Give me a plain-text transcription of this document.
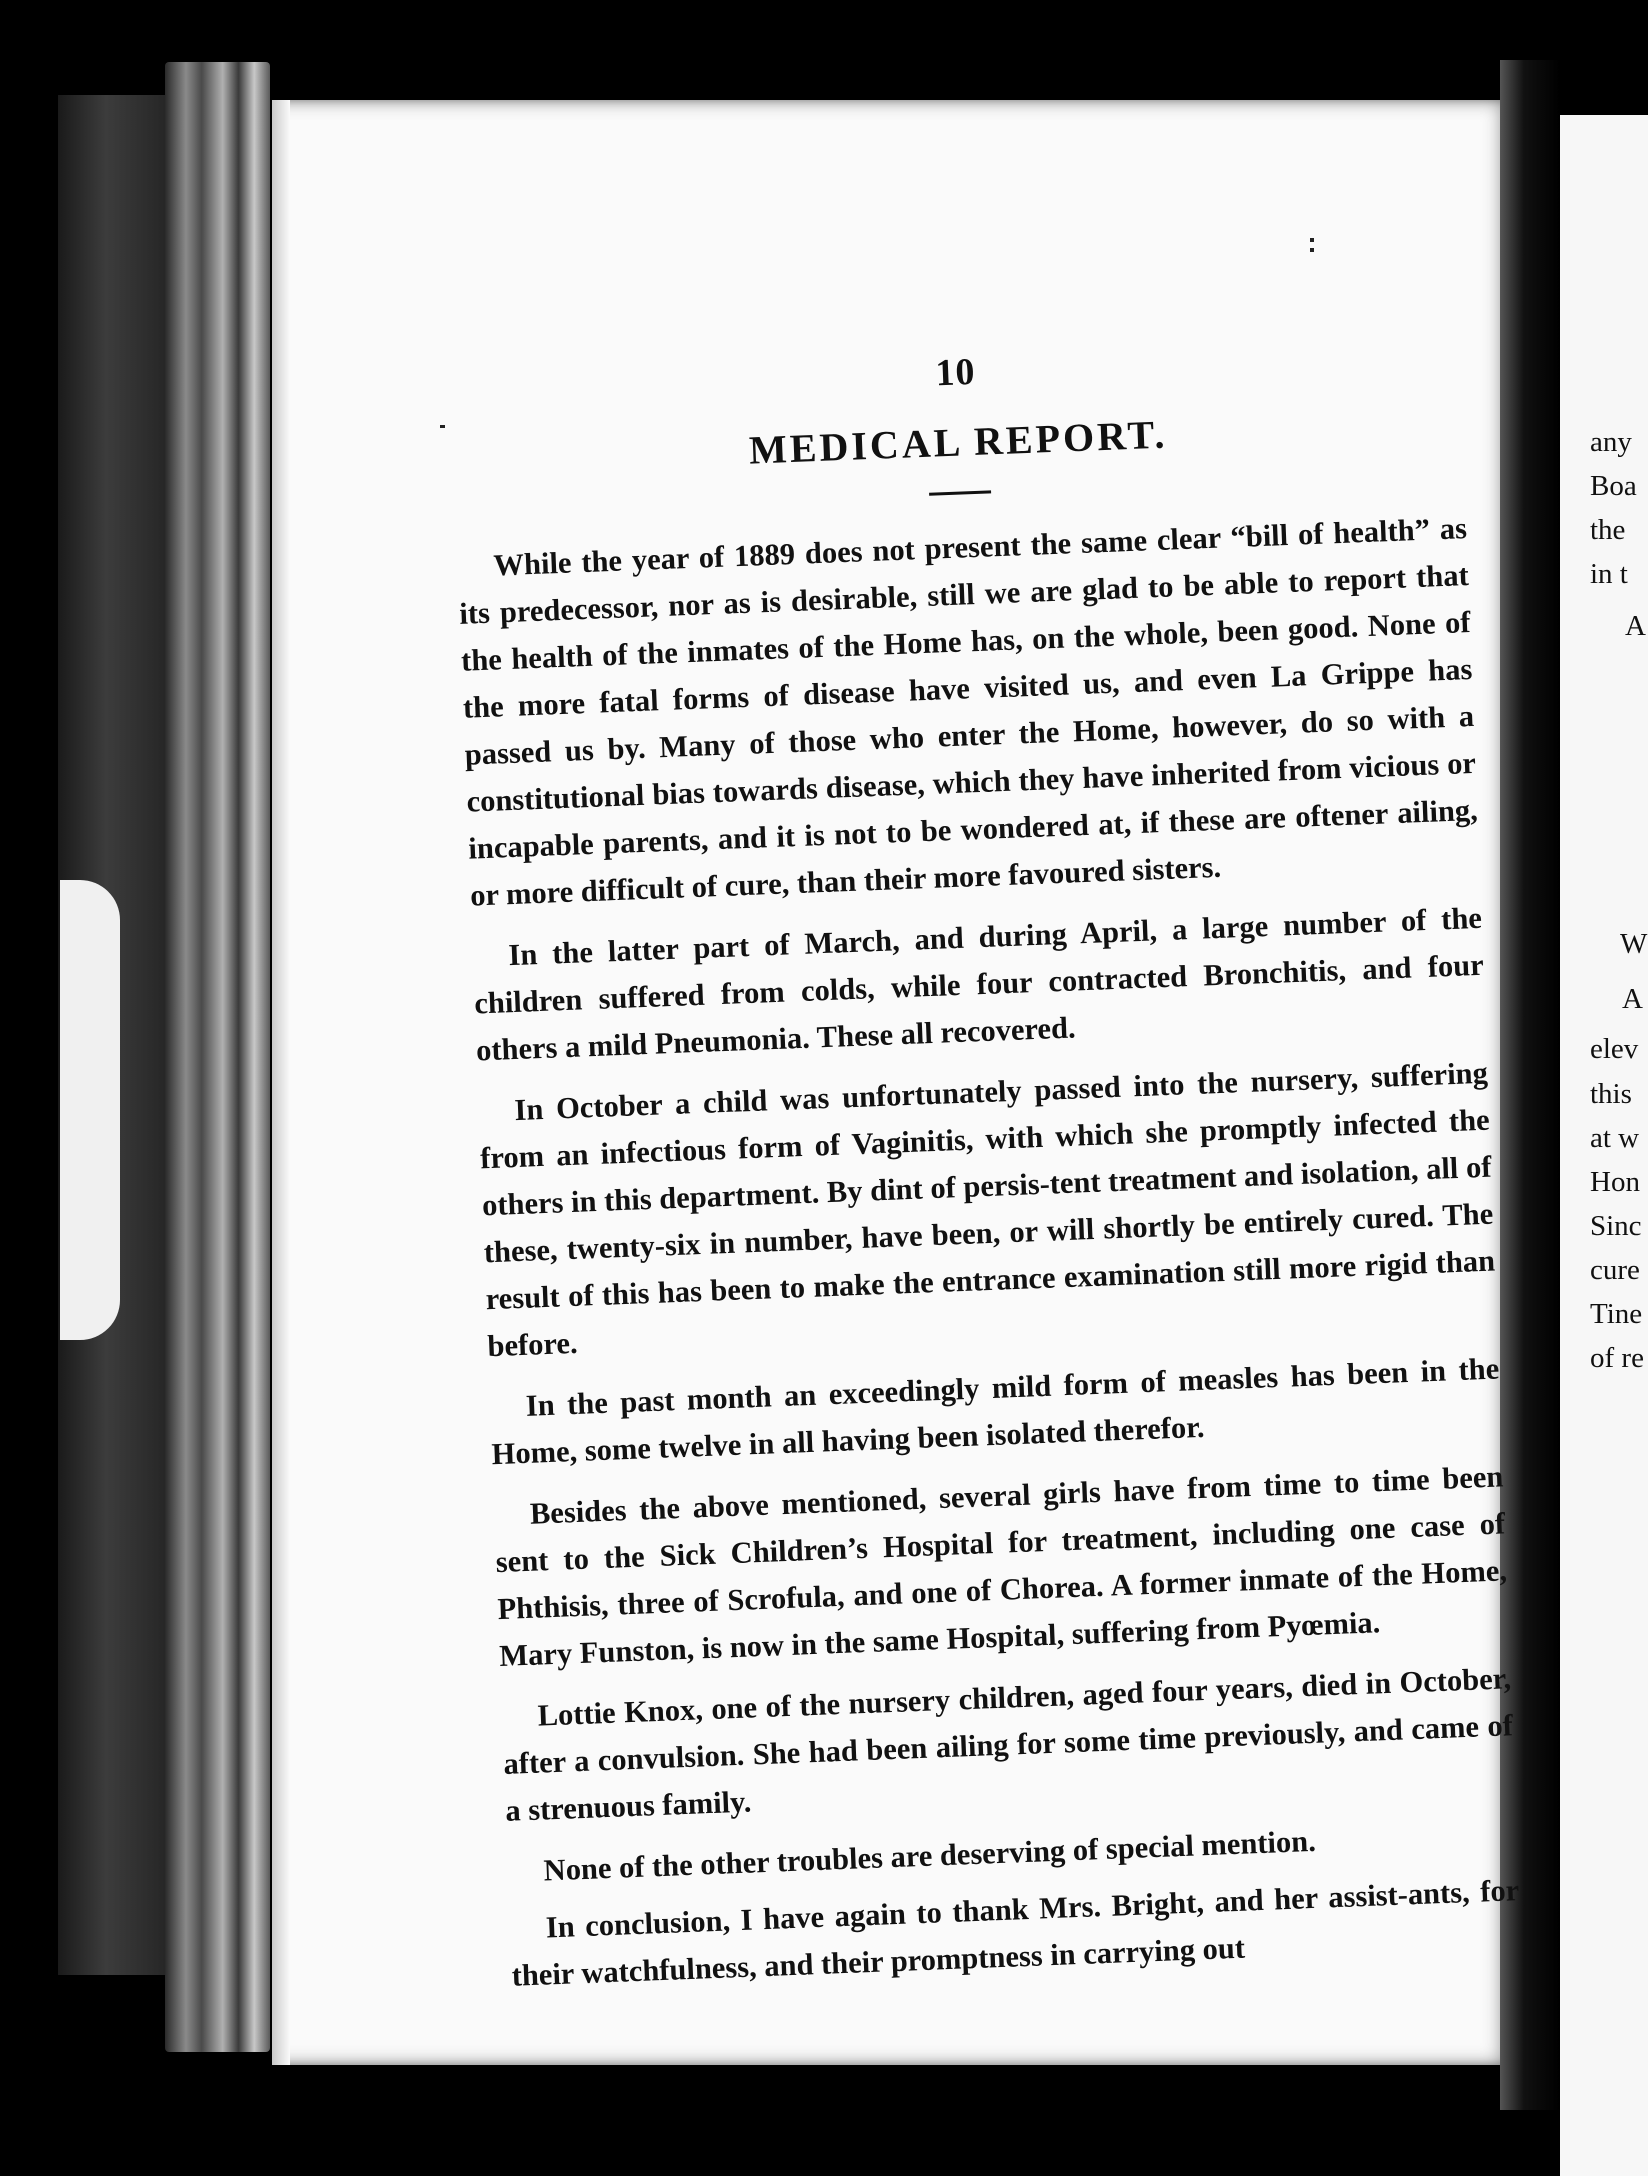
any
Boa
the
in t
A
W
A
elev
this
at w
Hon
Sinc
cure
Tine
of re
10
MEDICAL REPORT.

While the year of 1889 does not present the same clear “bill of health” as its predecessor, nor as is desirable, still we are glad to be able to report that the health of the inmates of the Home has, on the whole, been good. None of the more fatal forms of disease have visited us, and even La Grippe has passed us by. Many of those who enter the Home, however, do so with a constitutional bias towards disease, which they have inherited from vicious or incapable parents, and it is not to be wondered at, if these are oftener ailing, or more difficult of cure, than their more favoured sisters.

In the latter part of March, and during April, a large number of the children suffered from colds, while four contracted Bronchitis, and four others a mild Pneumonia. These all recovered.

In October a child was unfortunately passed into the nursery, suffering from an infectious form of Vaginitis, with which she promptly infected the others in this department. By dint of persis-tent treatment and isolation, all of these, twenty-six in number, have been, or will shortly be entirely cured. The result of this has been to make the entrance examination still more rigid than before.

In the past month an exceedingly mild form of measles has been in the Home, some twelve in all having been isolated therefor.

Besides the above mentioned, several girls have from time to time been sent to the Sick Children’s Hospital for treatment, including one case of Phthisis, three of Scrofula, and one of Chorea. A former inmate of the Home, Mary Funston, is now in the same Hospital, suffering from Pyœmia.

Lottie Knox, one of the nursery children, aged four years, died in October, after a convulsion. She had been ailing for some time previously, and came of a strenuous family.

None of the other troubles are deserving of special mention.

In conclusion, I have again to thank Mrs. Bright, and her assist-ants, for their watchfulness, and their promptness in carrying out
